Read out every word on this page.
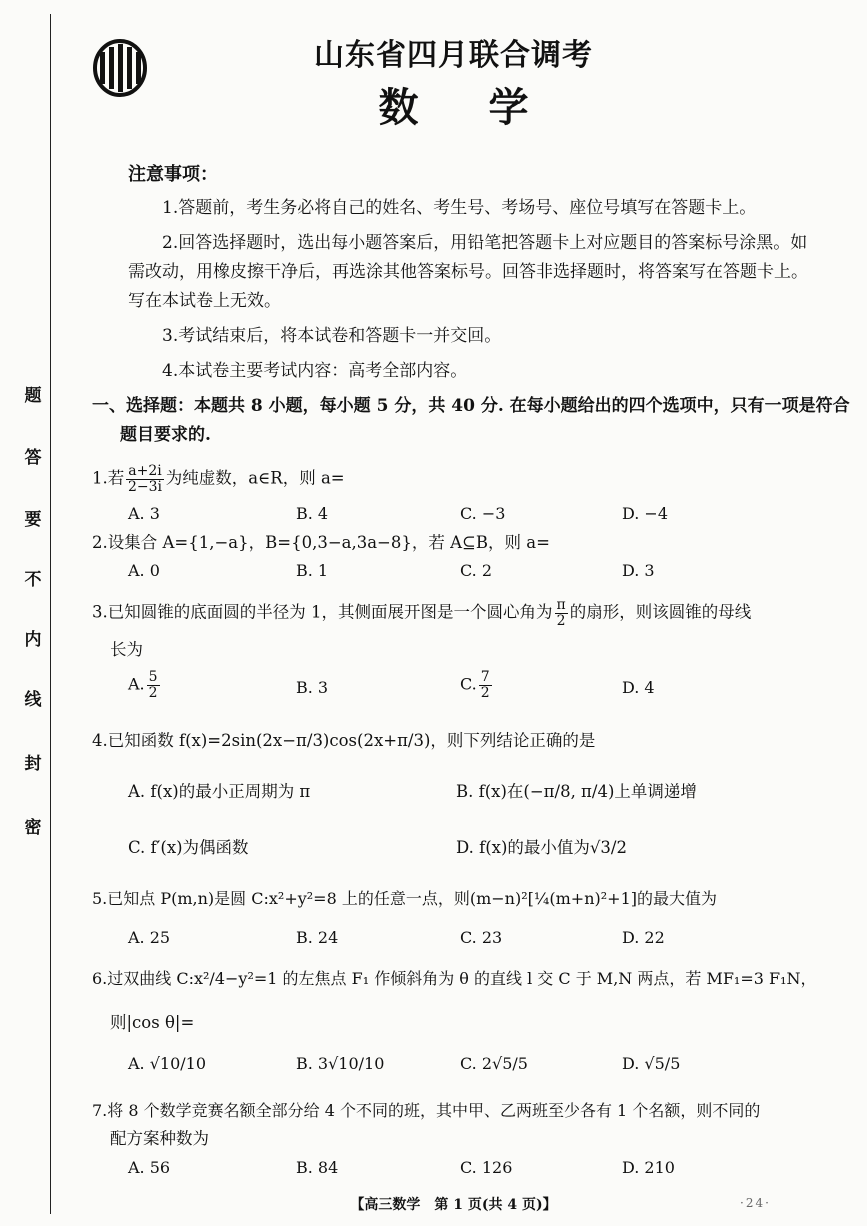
题
答
要
不
内
线
封
密
山东省四月联合调考
数学
注意事项：

1.答题前，考生务必将自己的姓名、考生号、考场号、座位号填写在答题卡上。

2.回答选择题时，选出每小题答案后，用铅笔把答题卡上对应题目的答案标号涂黑。如需改动，用橡皮擦干净后，再选涂其他答案标号。回答非选择题时，将答案写在答题卡上。写在本试卷上无效。

3.考试结束后，将本试卷和答题卡一并交回。

4.本试卷主要考试内容：高考全部内容。

一、选择题：本题共 8 小题，每小题 5 分，共 40 分. 在每小题给出的四个选项中，只有一项是符合
题目要求的.
1.若 $\frac{a+2i}{2-3i}$ 为纯虚数，a∈R，则 a=
A. 3	B. 4	C. −3	D. −4
2.设集合 A={1,−a}，B={0,3−a,3a−8}，若 A⊆B，则 a=
A. 0	B. 1	C. 2	D. 3
3.已知圆锥的底面圆的半径为 1，其侧面展开图是一个圆心角为 $\frac{\pi}{2}$ 的扇形，则该圆锥的母线
长为
A. $\frac{5}{2}$	B. 3	C. $\frac{7}{2}$	D. 4
4.已知函数 f(x)=2sin(2x−π/3)cos(2x+π/3)，则下列结论正确的是
A. f(x)的最小正周期为 π	B. f(x)在(−π/8, π/4)上单调递增
C. f′(x)为偶函数	D. f(x)的最小值为√3/2
5.已知点 P(m,n)是圆 C:x²+y²=8 上的任意一点，则(m−n)²[¼(m+n)²+1]的最大值为
A. 25	B. 24	C. 23	D. 22
6.过双曲线 C:x²/4−y²=1 的左焦点 F₁ 作倾斜角为 θ 的直线 l 交 C 于 M,N 两点，若 MF₁=3 F₁N，
则|cos θ|=
A. √10/10	B. 3√10/10	C. 2√5/5	D. √5/5
7.将 8 个数学竞赛名额全部分给 4 个不同的班，其中甲、乙两班至少各有 1 个名额，则不同的
配方案种数为
A. 56	B. 84	C. 126	D. 210
【高三数学　第 1 页(共 4 页)】	·24·
